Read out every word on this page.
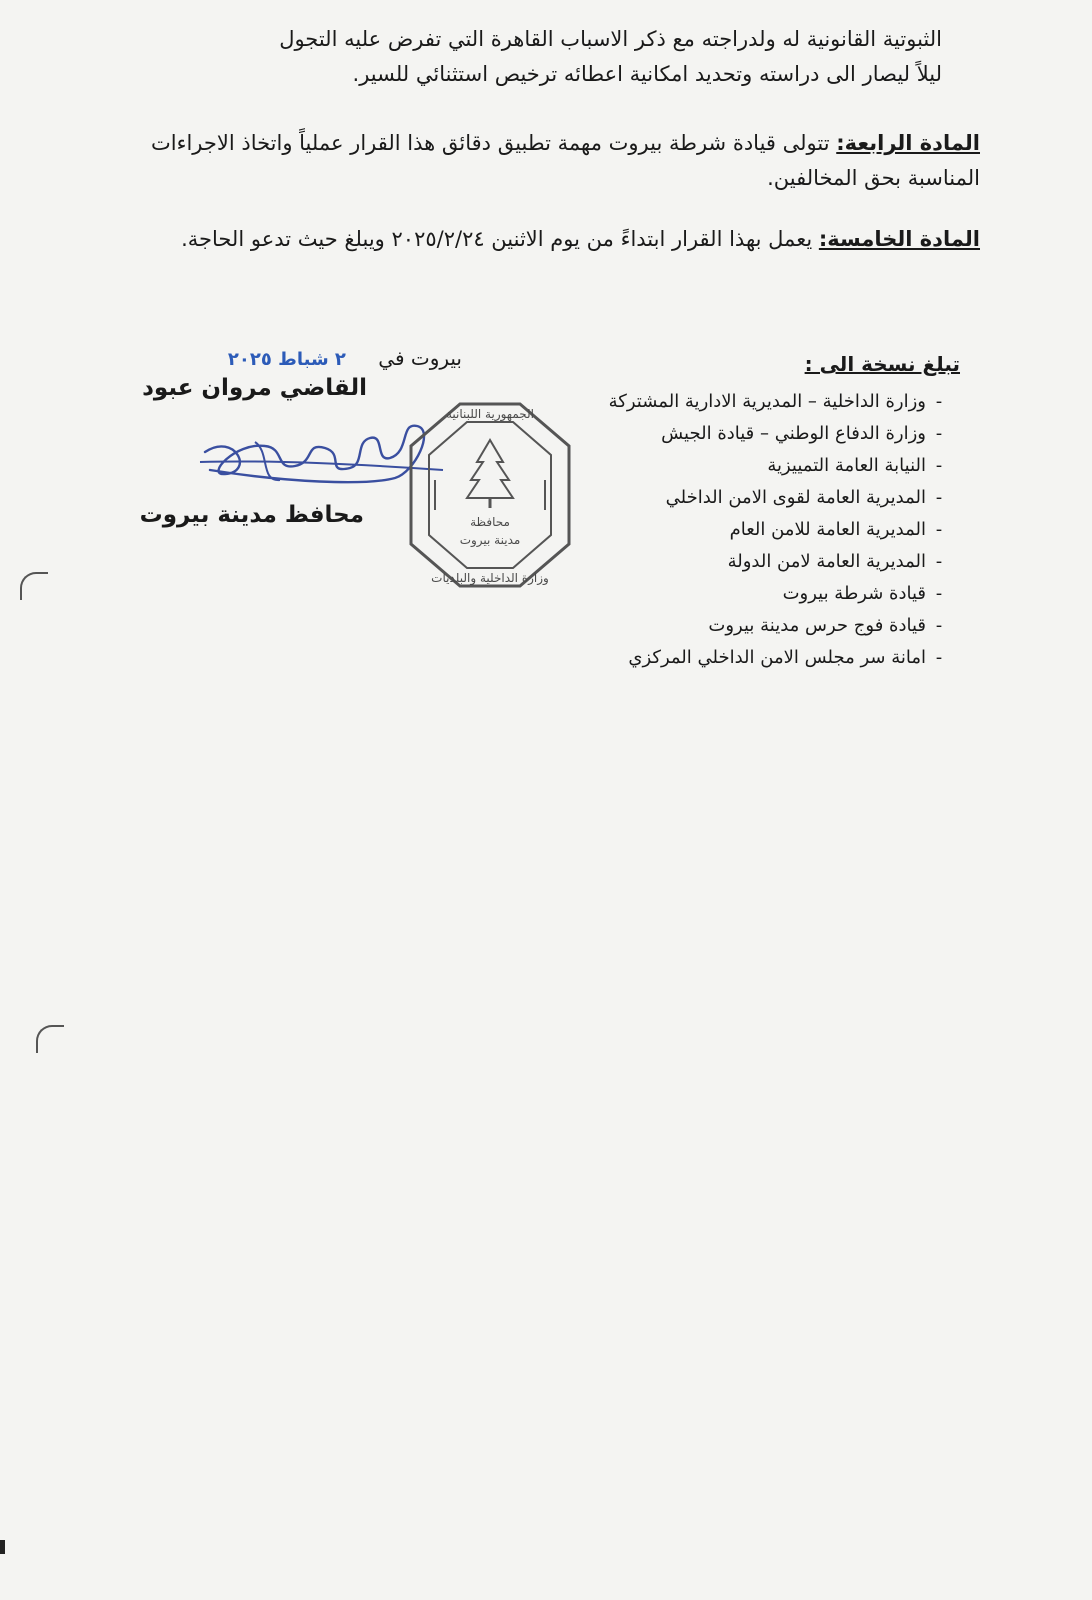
الثبوتية القانونية له ولدراجته مع ذكر الاسباب القاهرة التي تفرض عليه التجول
ليلاً ليصار الى دراسته وتحديد امكانية اعطائه ترخيص استثنائي للسير.
المادة الرابعة: تتولى قيادة شرطة بيروت مهمة تطبيق دقائق هذا القرار عملياً واتخاذ الاجراءات المناسبة بحق المخالفين.
المادة الخامسة: يعمل بهذا القرار ابتداءً من يوم الاثنين ٢٠٢٥/٢/٢٤ ويبلغ حيث تدعو الحاجة.
تبلغ نسخة الى :
-وزارة الداخلية – المديرية الادارية المشتركة
-وزارة الدفاع الوطني – قيادة الجيش
-النيابة العامة التمييزية
-المديرية العامة لقوى الامن الداخلي
-المديرية العامة للامن العام
-المديرية العامة لامن الدولة
-قيادة شرطة بيروت
-قيادة فوج حرس مدينة بيروت
-امانة سر مجلس الامن الداخلي المركزي
بيروت في ٢ شباط ٢٠٢٥
القاضي مروان عبود
محافظ مدينة بيروت
الجمهورية اللبنانية
محافظة
مدينة بيروت
وزارة الداخلية والبلديات
